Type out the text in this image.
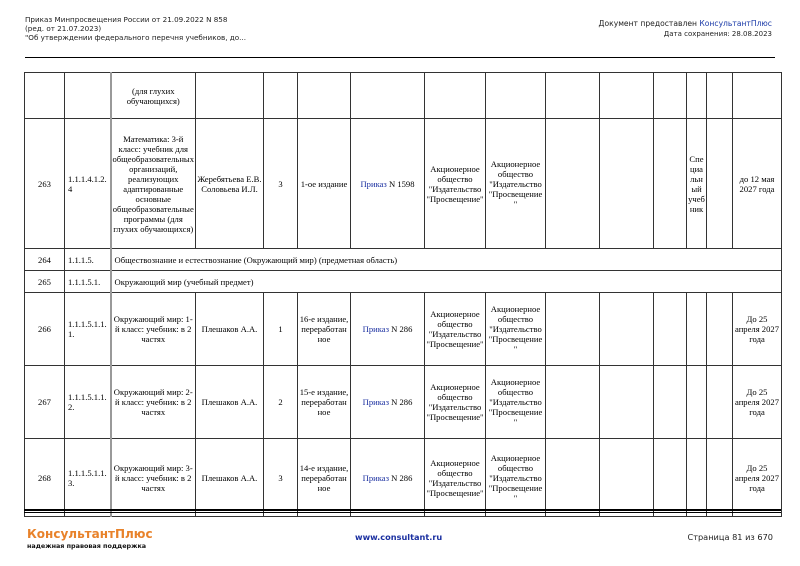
Приказ Минпросвещения России от 21.09.2022 N 858
(ред. от 21.07.2023)
"Об утверждении федерального перечня учебников, до...
Документ предоставлен КонсультантПлюс
Дата сохранения: 28.08.2023
		(для глухих обучающихся)												
263	1.1.1.4.1.2.4	Математика: 3-й класс: учебник для общеобразовательных организаций, реализующих адаптированные основные общеобразовательные программы (для глухих обучающихся)	Жеребятьева Е.В. Соловьева И.Л.	3	1-ое издание	Приказ N 1598	Акционерное общество "Издательство "Просвещение"	Акционерное общество "Издательство "Просвещение"				Специальный учебник		до 12 мая 2027 года
264	1.1.1.5.	Обществознание и естествознание (Окружающий мир) (предметная область)												
265	1.1.1.5.1.	Окружающий мир (учебный предмет)												
266	1.1.1.5.1.1.1.	Окружающий мир: 1-й класс: учебник: в 2 частях	Плешаков А.А.	1	16-е издание, переработанное	Приказ N 286	Акционерное общество "Издательство "Просвещение"	Акционерное общество "Издательство "Просвещение"						До 25 апреля 2027 года
267	1.1.1.5.1.1.2.	Окружающий мир: 2-й класс: учебник: в 2 частях	Плешаков А.А.	2	15-е издание, переработанное	Приказ N 286	Акционерное общество "Издательство "Просвещение"	Акционерное общество "Издательство "Просвещение"						До 25 апреля 2027 года
268	1.1.1.5.1.1.3.	Окружающий мир: 3-й класс: учебник: в 2 частях	Плешаков А.А.	3	14-е издание, переработанное	Приказ N 286	Акционерное общество "Издательство "Просвещение"	Акционерное общество "Издательство "Просвещение"						До 25 апреля 2027 года
КонсультантПлюс
надежная правовая поддержка
www.consultant.ru	Страница 81 из 670
